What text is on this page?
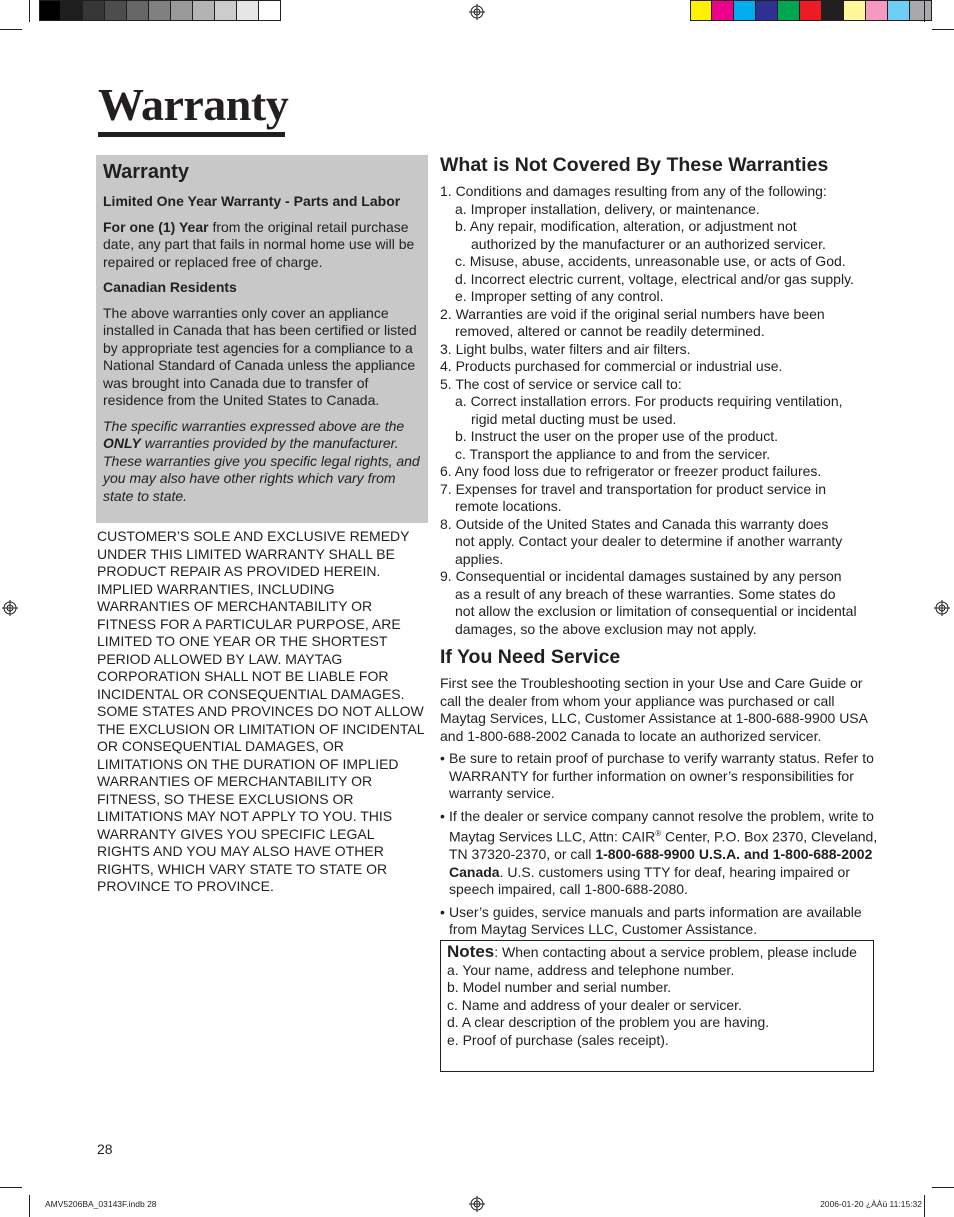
Warranty
Warranty
Limited One Year Warranty - Parts and Labor

For one (1) Year from the original retail purchase date, any part that fails in normal home use will be repaired or replaced free of charge.

Canadian Residents

The above warranties only cover an appliance installed in Canada that has been certified or listed by appropriate test agencies for a compliance to a National Standard of Canada unless the appliance was brought into Canada due to transfer of residence from the United States to Canada.

The specific warranties expressed above are the ONLY warranties provided by the manufacturer. These warranties give you specific legal rights, and you may also have other rights which vary from state to state.

CUSTOMER’S SOLE AND EXCLUSIVE REMEDY UNDER THIS LIMITED WARRANTY SHALL BE PRODUCT REPAIR AS PROVIDED HEREIN. IMPLIED WARRANTIES, INCLUDING WARRANTIES OF MERCHANTABILITY OR FITNESS FOR A PARTICULAR PURPOSE, ARE LIMITED TO ONE YEAR OR THE SHORTEST PERIOD ALLOWED BY LAW. MAYTAG CORPORATION SHALL NOT BE LIABLE FOR INCIDENTAL OR CONSEQUENTIAL DAMAGES. SOME STATES AND PROVINCES DO NOT ALLOW THE EXCLUSION OR LIMITATION OF INCIDENTAL OR CONSEQUENTIAL DAMAGES, OR LIMITATIONS ON THE DURATION OF IMPLIED WARRANTIES OF MERCHANTABILITY OR FITNESS, SO THESE EXCLUSIONS OR LIMITATIONS MAY NOT APPLY TO YOU. THIS WARRANTY GIVES YOU SPECIFIC LEGAL RIGHTS AND YOU MAY ALSO HAVE OTHER RIGHTS, WHICH VARY STATE TO STATE OR PROVINCE TO PROVINCE.

What is Not Covered By These Warranties
1. Conditions and damages resulting from any of the following:
a. Improper installation, delivery, or maintenance.
b. Any repair, modification, alteration, or adjustment not
authorized by the manufacturer or an authorized servicer.
c. Misuse, abuse, accidents, unreasonable use, or acts of God.
d. Incorrect electric current, voltage, electrical and/or gas supply.
e. Improper setting of any control.
2. Warranties are void if the original serial numbers have been
removed, altered or cannot be readily determined.
3. Light bulbs, water filters and air filters.
4. Products purchased for commercial or industrial use.
5. The cost of service or service call to:
a. Correct installation errors. For products requiring ventilation,
rigid metal ducting must be used.
b. Instruct the user on the proper use of the product.
c. Transport the appliance to and from the servicer.
6. Any food loss due to refrigerator or freezer product failures.
7. Expenses for travel and transportation for product service in
remote locations.
8. Outside of the United States and Canada this warranty does
not apply. Contact your dealer to determine if another warranty
applies.
9. Consequential or incidental damages sustained by any person
as a result of any breach of these warranties. Some states do
not allow the exclusion or limitation of consequential or incidental
damages, so the above exclusion may not apply.
If You Need Service

First see the Troubleshooting section in your Use and Care Guide or call the dealer from whom your appliance was purchased or call Maytag Services, LLC, Customer Assistance at 1-800-688-9900 USA and 1-800-688-2002 Canada to locate an authorized servicer.

• Be sure to retain proof of purchase to verify warranty status. Refer to WARRANTY for further information on owner’s responsibilities for warranty service.
• If the dealer or service company cannot resolve the problem, write to Maytag Services LLC, Attn: CAIR® Center, P.O. Box 2370, Cleveland, TN 37320-2370, or call 1-800-688-9900 U.S.A. and 1-800-688-2002 Canada. U.S. customers using TTY for deaf, hearing impaired or speech impaired, call 1-800-688-2080.
• User’s guides, service manuals and parts information are available from Maytag Services LLC, Customer Assistance.
Notes: When contacting about a service problem, please include
a. Your name, address and telephone number.
b. Model number and serial number.
c. Name and address of your dealer or servicer.
d. A clear description of the problem you are having.
e. Proof of purchase (sales receipt).
28
AMV5206BA_03143F.indb 28	2006-01-20 ¿ÀÀü 11:15:32
